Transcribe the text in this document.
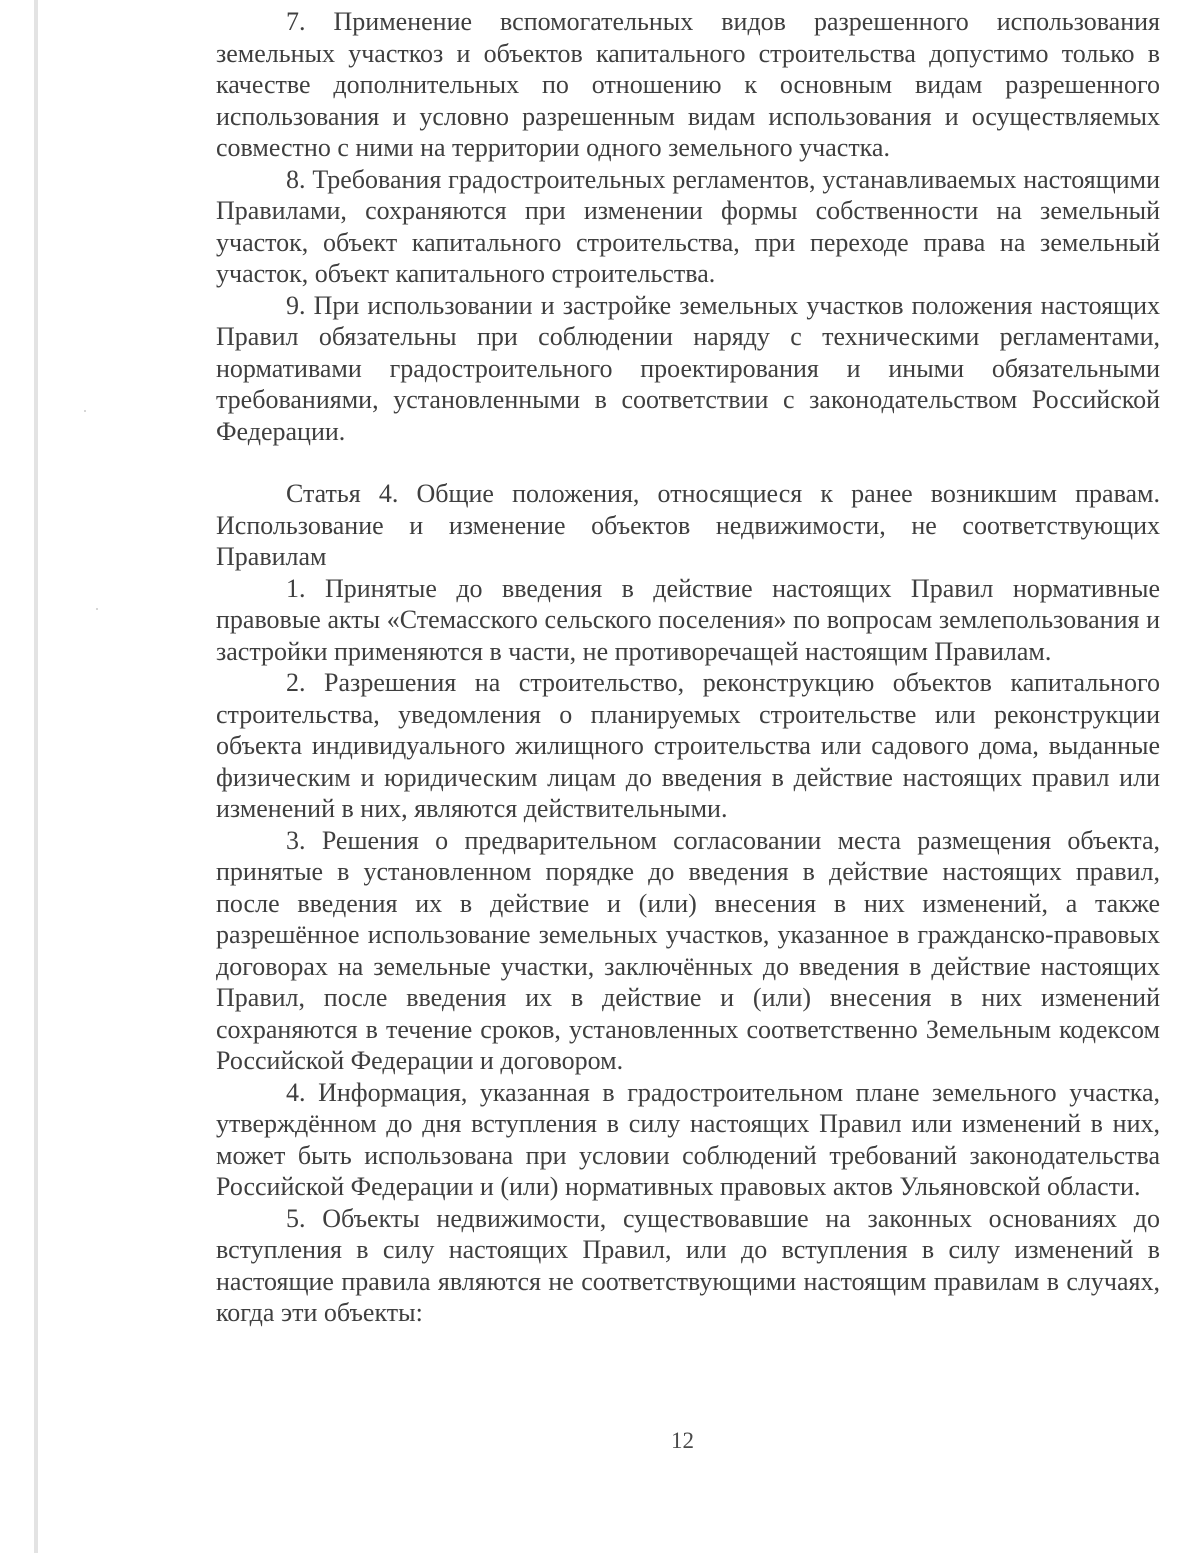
7. Применение вспомогательных видов разрешенного использования земельных участкоз и объектов капитального строительства допустимо только в качестве дополнительных по отношению к основным видам разрешенного использования и условно разрешенным видам использования и осуществляемых совместно с ними на территории одного земельного участка.

8. Требования градостроительных регламентов, устанавливаемых настоящими Правилами, сохраняются при изменении формы собственности на земельный участок, объект капитального строительства, при переходе права на земельный участок, объект капитального строительства.

9. При использовании и застройке земельных участков положения настоящих Правил обязательны при соблюдении наряду с техническими регламентами, нормативами градостроительного проектирования и иными обязательными требованиями, установленными в соответствии с законодательством Российской Федерации.

Статья 4. Общие положения, относящиеся к ранее возникшим правам. Использование и изменение объектов недвижимости, не соответствующих Правилам

1. Принятые до введения в действие настоящих Правил нормативные правовые акты «Стемасского сельского поселения» по вопросам землепользования и застройки применяются в части, не противоречащей настоящим Правилам.

2. Разрешения на строительство, реконструкцию объектов капитального строительства, уведомления о планируемых строительстве или реконструкции объекта индивидуального жилищного строительства или садового дома, выданные физическим и юридическим лицам до введения в действие настоящих правил или изменений в них, являются действительными.

3. Решения о предварительном согласовании места размещения объекта, принятые в установленном порядке до введения в действие настоящих правил, после введения их в действие и (или) внесения в них изменений, а также разрешённое использование земельных участков, указанное в гражданско-правовых договорах на земельные участки, заключённых до введения в действие настоящих Правил, после введения их в действие и (или) внесения в них изменений сохраняются в течение сроков, установленных соответственно Земельным кодексом Российской Федерации и договором.

4. Информация, указанная в градостроительном плане земельного участка, утверждённом до дня вступления в силу настоящих Правил или изменений в них, может быть использована при условии соблюдений требований законодательства Российской Федерации и (или) нормативных правовых актов Ульяновской области.

5. Объекты недвижимости, существовавшие на законных основаниях до вступления в силу настоящих Правил, или до вступления в силу изменений в настоящие правила являются не соответствующими настоящим правилам в случаях, когда эти объекты:

12
